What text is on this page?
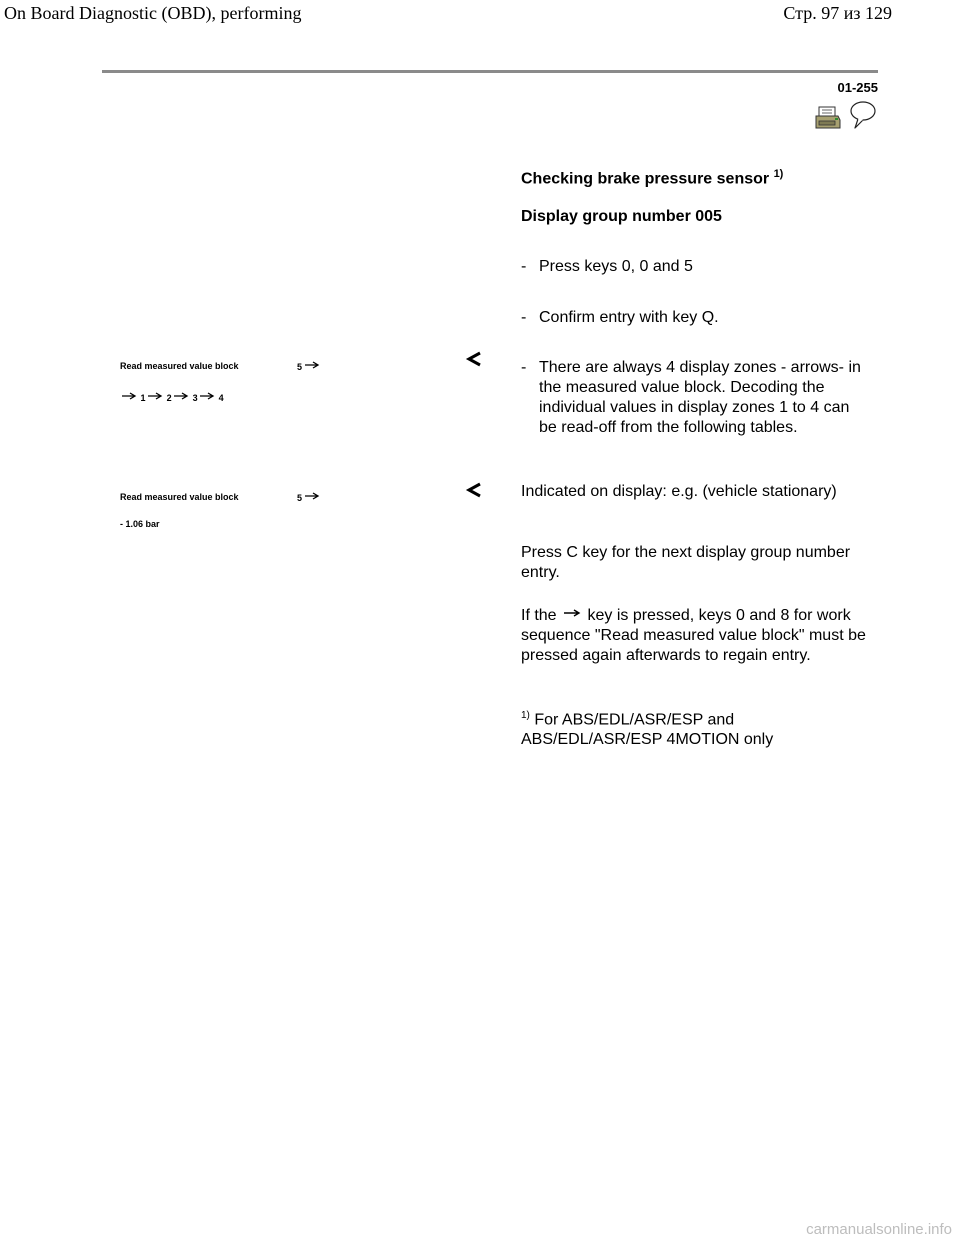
On Board Diagnostic (OBD), performing	Стр. 97 из 129
01-255
Checking brake pressure sensor $^{1)}$
Display group number 005
- Press keys 0, 0 and 5
- Confirm entry with key Q.
- There are always 4 display zones - arrows- in the measured value block. Decoding the individual values in display zones 1 to 4 can be read-off from the following tables.
Read measured value block	5
1 2 3 4
Read measured value block	5
- 1.06 bar
Indicated on display: e.g. (vehicle stationary)
Press C key for the next display group number entry.
If the  key is pressed, keys 0 and 8 for work sequence "Read measured value block" must be pressed again afterwards to regain entry.
$^{1)}$ For ABS/EDL/ASR/ESP and ABS/EDL/ASR/ESP 4MOTION only
carmanualsonline.info
